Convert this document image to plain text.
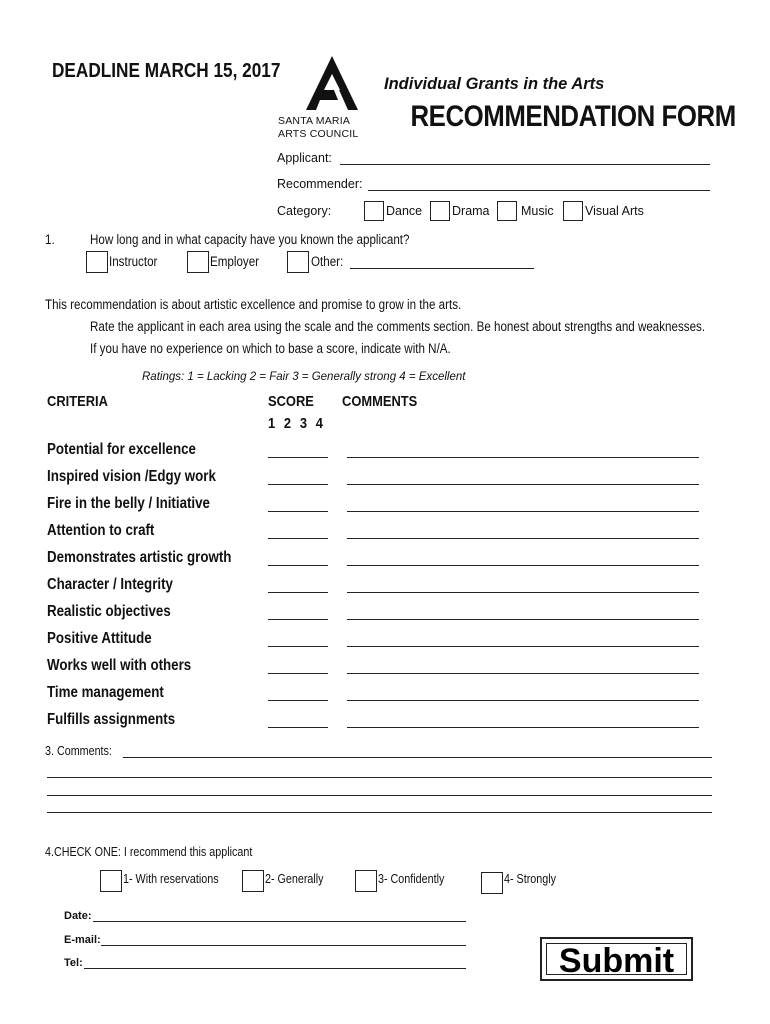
DEADLINE MARCH 15, 2017
SANTA MARIA
ARTS COUNCIL
Individual Grants in the Arts
RECOMMENDATION FORM
Applicant:
Recommender:
Category:	Dance Drama	Music	Visual Arts
1.	How long and in what capacity have you known the applicant?
Instructor	Employer	Other:
This recommendation is about artistic excellence and promise to grow in the arts.
Rate the applicant in each area using the scale and the comments section. Be honest about strengths and weaknesses.
If you have no experience on which to base a score, indicate with N/A.
Ratings: 1 = Lacking 2 = Fair 3 = Generally strong 4 = Excellent
CRITERIA	SCORE COMMENTS
1 2 3 4
Potential for excellence
Inspired vision /Edgy work
Fire in the belly / Initiative
Attention to craft
Demonstrates artistic growth
Character / Integrity
Realistic objectives
Positive Attitude
Works well with others
Time management
Fulfills assignments
3. Comments:
4.CHECK ONE: I recommend this applicant
1- With reservations	2- Generally	3- Confidently	4- Strongly
Date:
E-mail:
Tel:	Submit
